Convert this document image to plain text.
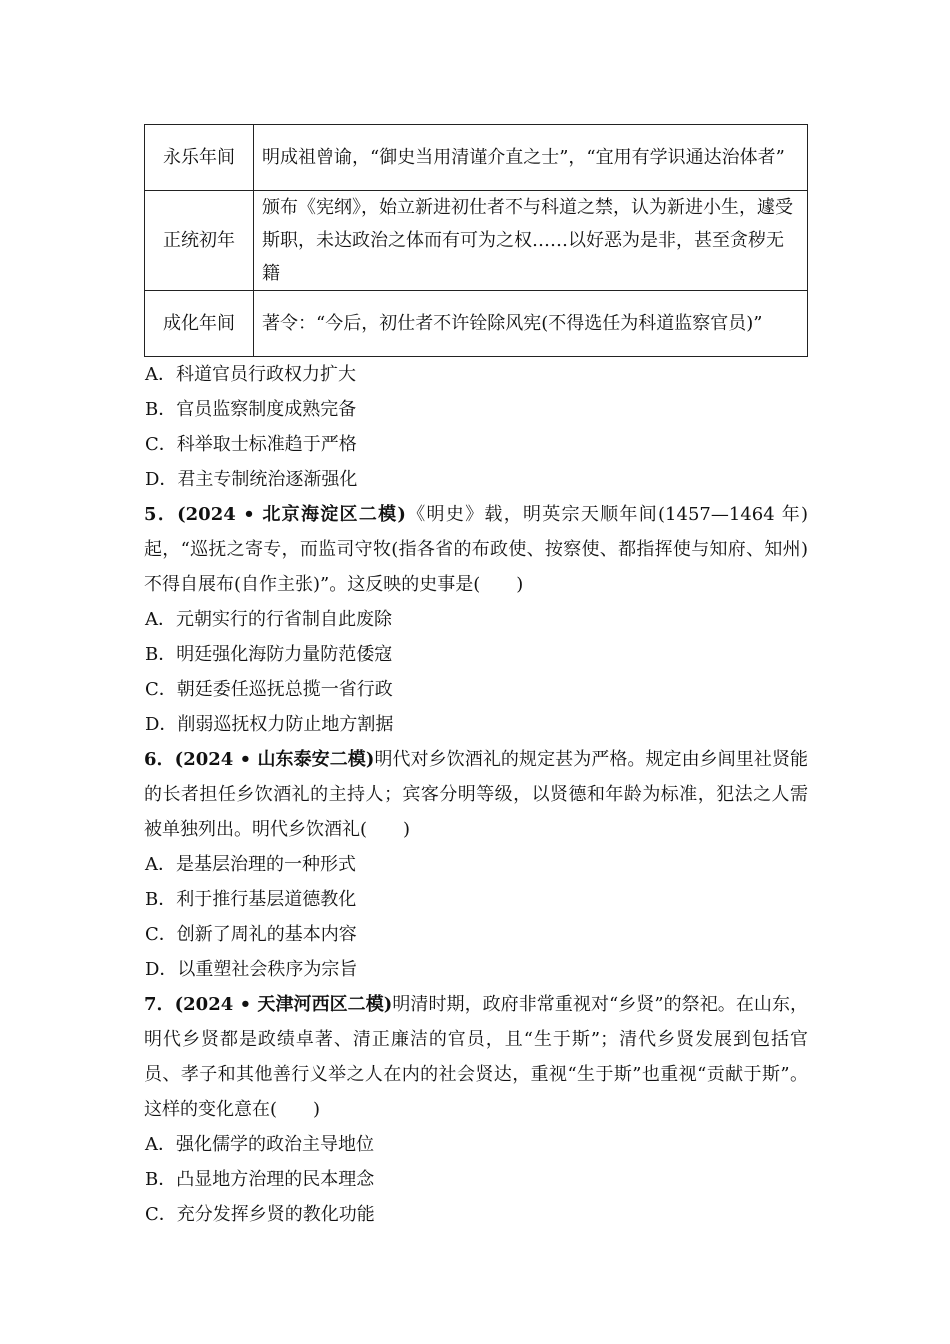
永乐年间	明成祖曾谕，“御史当用清谨介直之士”，“宜用有学识通达治体者”
正统初年	颁布《宪纲》，始立新进初仕者不与科道之禁，认为新进小生，遽受斯职，未达政治之体而有可为之权……以好恶为是非，甚至贪秽无籍
成化年间	著令：“今后，初仕者不许铨除风宪(不得选任为科道监察官员)”
A．科道官员行政权力扩大
B．官员监察制度成熟完备
C．科举取士标准趋于严格
D．君主专制统治逐渐强化
5．(2024 • 北京海淀区二模)《明史》载，明英宗天顺年间(1457—1464 年)起，“巡抚之寄专，而监司守牧(指各省的布政使、按察使、都指挥使与知府、知州)不得自展布(自作主张)”。这反映的史事是(　　)
A．元朝实行的行省制自此废除
B．明廷强化海防力量防范倭寇
C．朝廷委任巡抚总揽一省行政
D．削弱巡抚权力防止地方割据
6．(2024 • 山东泰安二模)明代对乡饮酒礼的规定甚为严格。规定由乡闾里社贤能的长者担任乡饮酒礼的主持人；宾客分明等级，以贤德和年龄为标准，犯法之人需被单独列出。明代乡饮酒礼(　　)
A．是基层治理的一种形式
B．利于推行基层道德教化
C．创新了周礼的基本内容
D．以重塑社会秩序为宗旨
7．(2024 • 天津河西区二模)明清时期，政府非常重视对“乡贤”的祭祀。在山东，明代乡贤都是政绩卓著、清正廉洁的官员，且“生于斯”；清代乡贤发展到包括官员、孝子和其他善行义举之人在内的社会贤达，重视“生于斯”也重视“贡献于斯”。这样的变化意在(　　)
A．强化儒学的政治主导地位
B．凸显地方治理的民本理念
C．充分发挥乡贤的教化功能
